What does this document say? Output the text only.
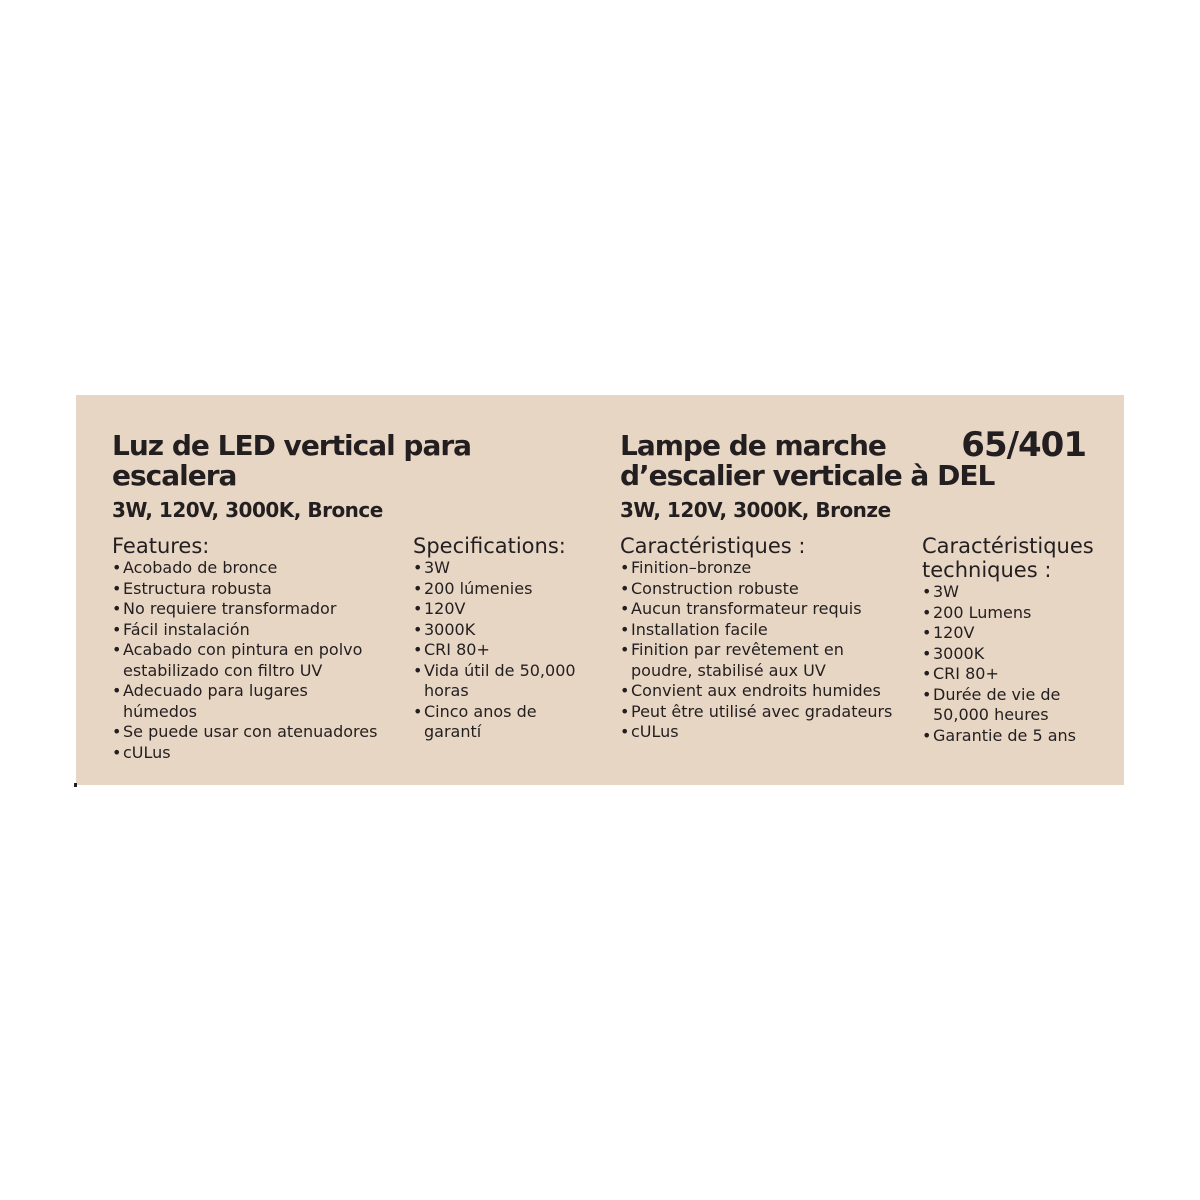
Luz de LED vertical para
escalera
3W, 120V, 3000K, Bronce
Lampe de marche
d’escalier verticale à DEL
3W, 120V, 3000K, Bronze
65/401
Features:
• Acobado de bronce
• Estructura robusta
• No requiere transformador
• Fácil instalación
• Acabado con pintura en polvo
estabilizado con filtro UV
• Adecuado para lugares
húmedos
• Se puede usar con atenuadores
• cULus
Specifications:
• 3W
• 200 lúmenies
• 120V
• 3000K
• CRI 80+
• Vida útil de 50,000
horas
• Cinco anos de
garantí
Caractéristiques :
• Finition–bronze
• Construction robuste
• Aucun transformateur requis
• Installation facile
• Finition par revêtement en
poudre, stabilisé aux UV
• Convient aux endroits humides
• Peut être utilisé avec gradateurs
• cULus
Caractéristiques
techniques :
• 3W
• 200 Lumens
• 120V
• 3000K
• CRI 80+
• Durée de vie de
50,000 heures
• Garantie de 5 ans
